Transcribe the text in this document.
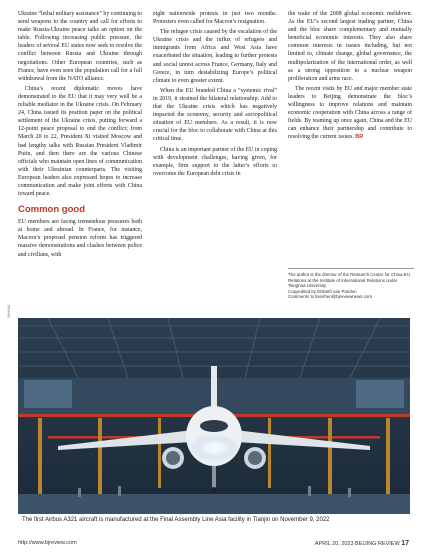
Ukraine “lethal military assistance” by continuing to send weapons to the country and call for efforts to make Russia-Ukraine peace talks an option on the table. Following increasing public pressure, the leaders of several EU states now seek to resolve the conflict between Russia and Ukraine through negotiations. Other European countries, such as France, have even seen the population call for a full withdrawal from the NATO alliance.

China’s recent diplomatic moves have demonstrated to the EU that it may very well be a reliable mediator in the Ukraine crisis. On February 24, China issued its position paper on the political settlement of the Ukraine crisis, putting forward a 12-point peace proposal to end the conflict; from March 20 to 22, President Xi visited Moscow and had lengthy talks with Russian President Vladimir Putin, and then there are the various Chinese officials who maintain open lines of communication with their Ukrainian counterparts. The visiting European leaders also expressed hopes to increase communication and make joint efforts with China toward peace.

Common good

EU members are facing tremendous pressures both at home and abroad. In France, for instance, Macron’s proposed pension reform has triggered massive demonstrations and clashes between police and civilians, with

eight nationwide protests in just two months. Protesters even called for Macron’s resignation.

The refugee crisis caused by the escalation of the Ukraine crisis and the influx of refugees and immigrants from Africa and West Asia have exacerbated the situation, leading to further protests and social unrest across France, Germany, Italy and Greece, in turn destabilizing Europe’s political climate to even greater extent.

When the EU branded China a “systemic rival” in 2019, it strained the bilateral relationship. Add to that the Ukraine crisis which has negatively impacted the economy, security and sociopolitical situation of EU members. As a result, it is now crucial for the bloc to collaborate with China at this critical time.

China is an important partner of the EU in coping with development challenges, having given, for example, firm support to the latter’s efforts to overcome the European debt crisis in

the wake of the 2008 global economic meltdown. As the EU’s second largest trading partner, China and the bloc share complementary and mutually beneficial economic interests. They also share common interests in issues including, but not limited to, climate change, global governance, the multipolarization of the international order, as well as a strong opposition to a nuclear weapon proliferation and arms race.

The recent visits by EU and major member state leaders to Beijing demonstrate the bloc’s willingness to improve relations and maintain economic cooperation with China across a range of fields. By teaming up once again, China and the EU can enhance their partnership and contribute to resolving the current issues. BR

The author is the director of the Research Center for China-EU Relations at the Institute of International Relations under Tsinghua University
Copyedited by Elsbeth van Paridon
Comments to lisenhen@bjreviewnews.com
XINHUA
The first Airbus A321 aircraft is manufactured at the Final Assembly Line Asia facility in Tianjin on November 9, 2022
http://www.bjreview.com	APRIL 20, 2023 BEIJING REVIEW 17
